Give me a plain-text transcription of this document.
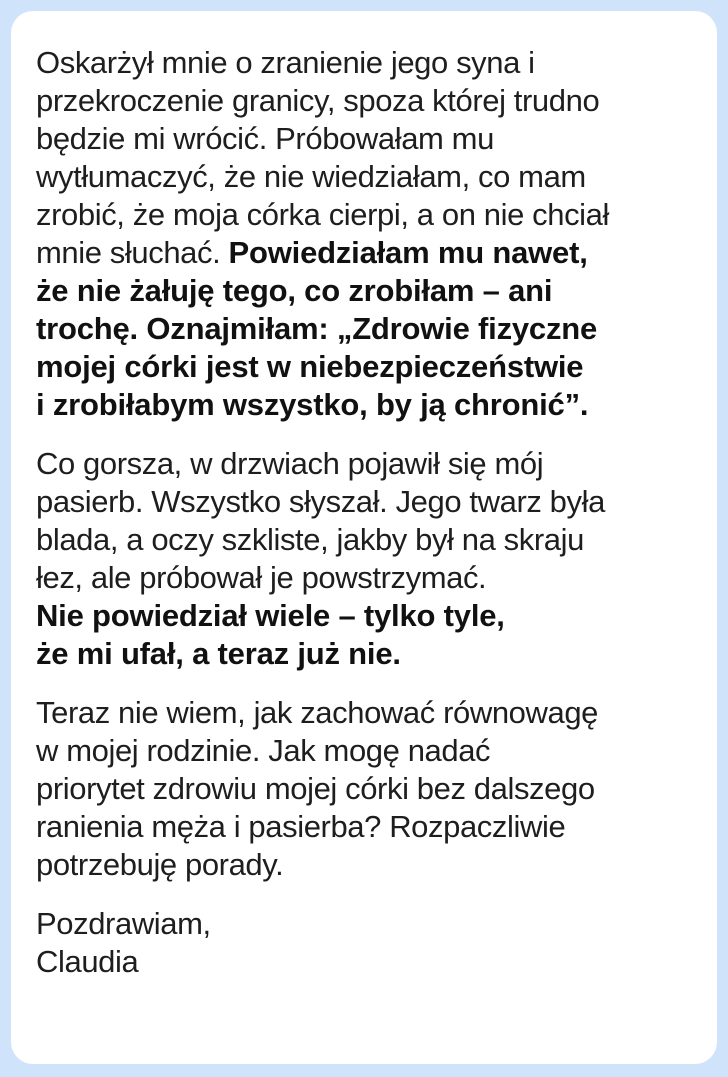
Oskarżył mnie o zranienie jego syna i
przekroczenie granicy, spoza której trudno
będzie mi wrócić. Próbowałam mu
wytłumaczyć, że nie wiedziałam, co mam
zrobić, że moja córka cierpi, a on nie chciał
mnie słuchać. Powiedziałam mu nawet,
że nie żałuję tego, co zrobiłam – ani
trochę. Oznajmiłam: „Zdrowie fizyczne
mojej córki jest w niebezpieczeństwie
i zrobiłabym wszystko, by ją chronić”.

Co gorsza, w drzwiach pojawił się mój
pasierb. Wszystko słyszał. Jego twarz była
blada, a oczy szkliste, jakby był na skraju
łez, ale próbował je powstrzymać.
Nie powiedział wiele – tylko tyle,
że mi ufał, a teraz już nie.

Teraz nie wiem, jak zachować równowagę
w mojej rodzinie. Jak mogę nadać
priorytet zdrowiu mojej córki bez dalszego
ranienia męża i pasierba? Rozpaczliwie
potrzebuję porady.

Pozdrawiam,
Claudia
